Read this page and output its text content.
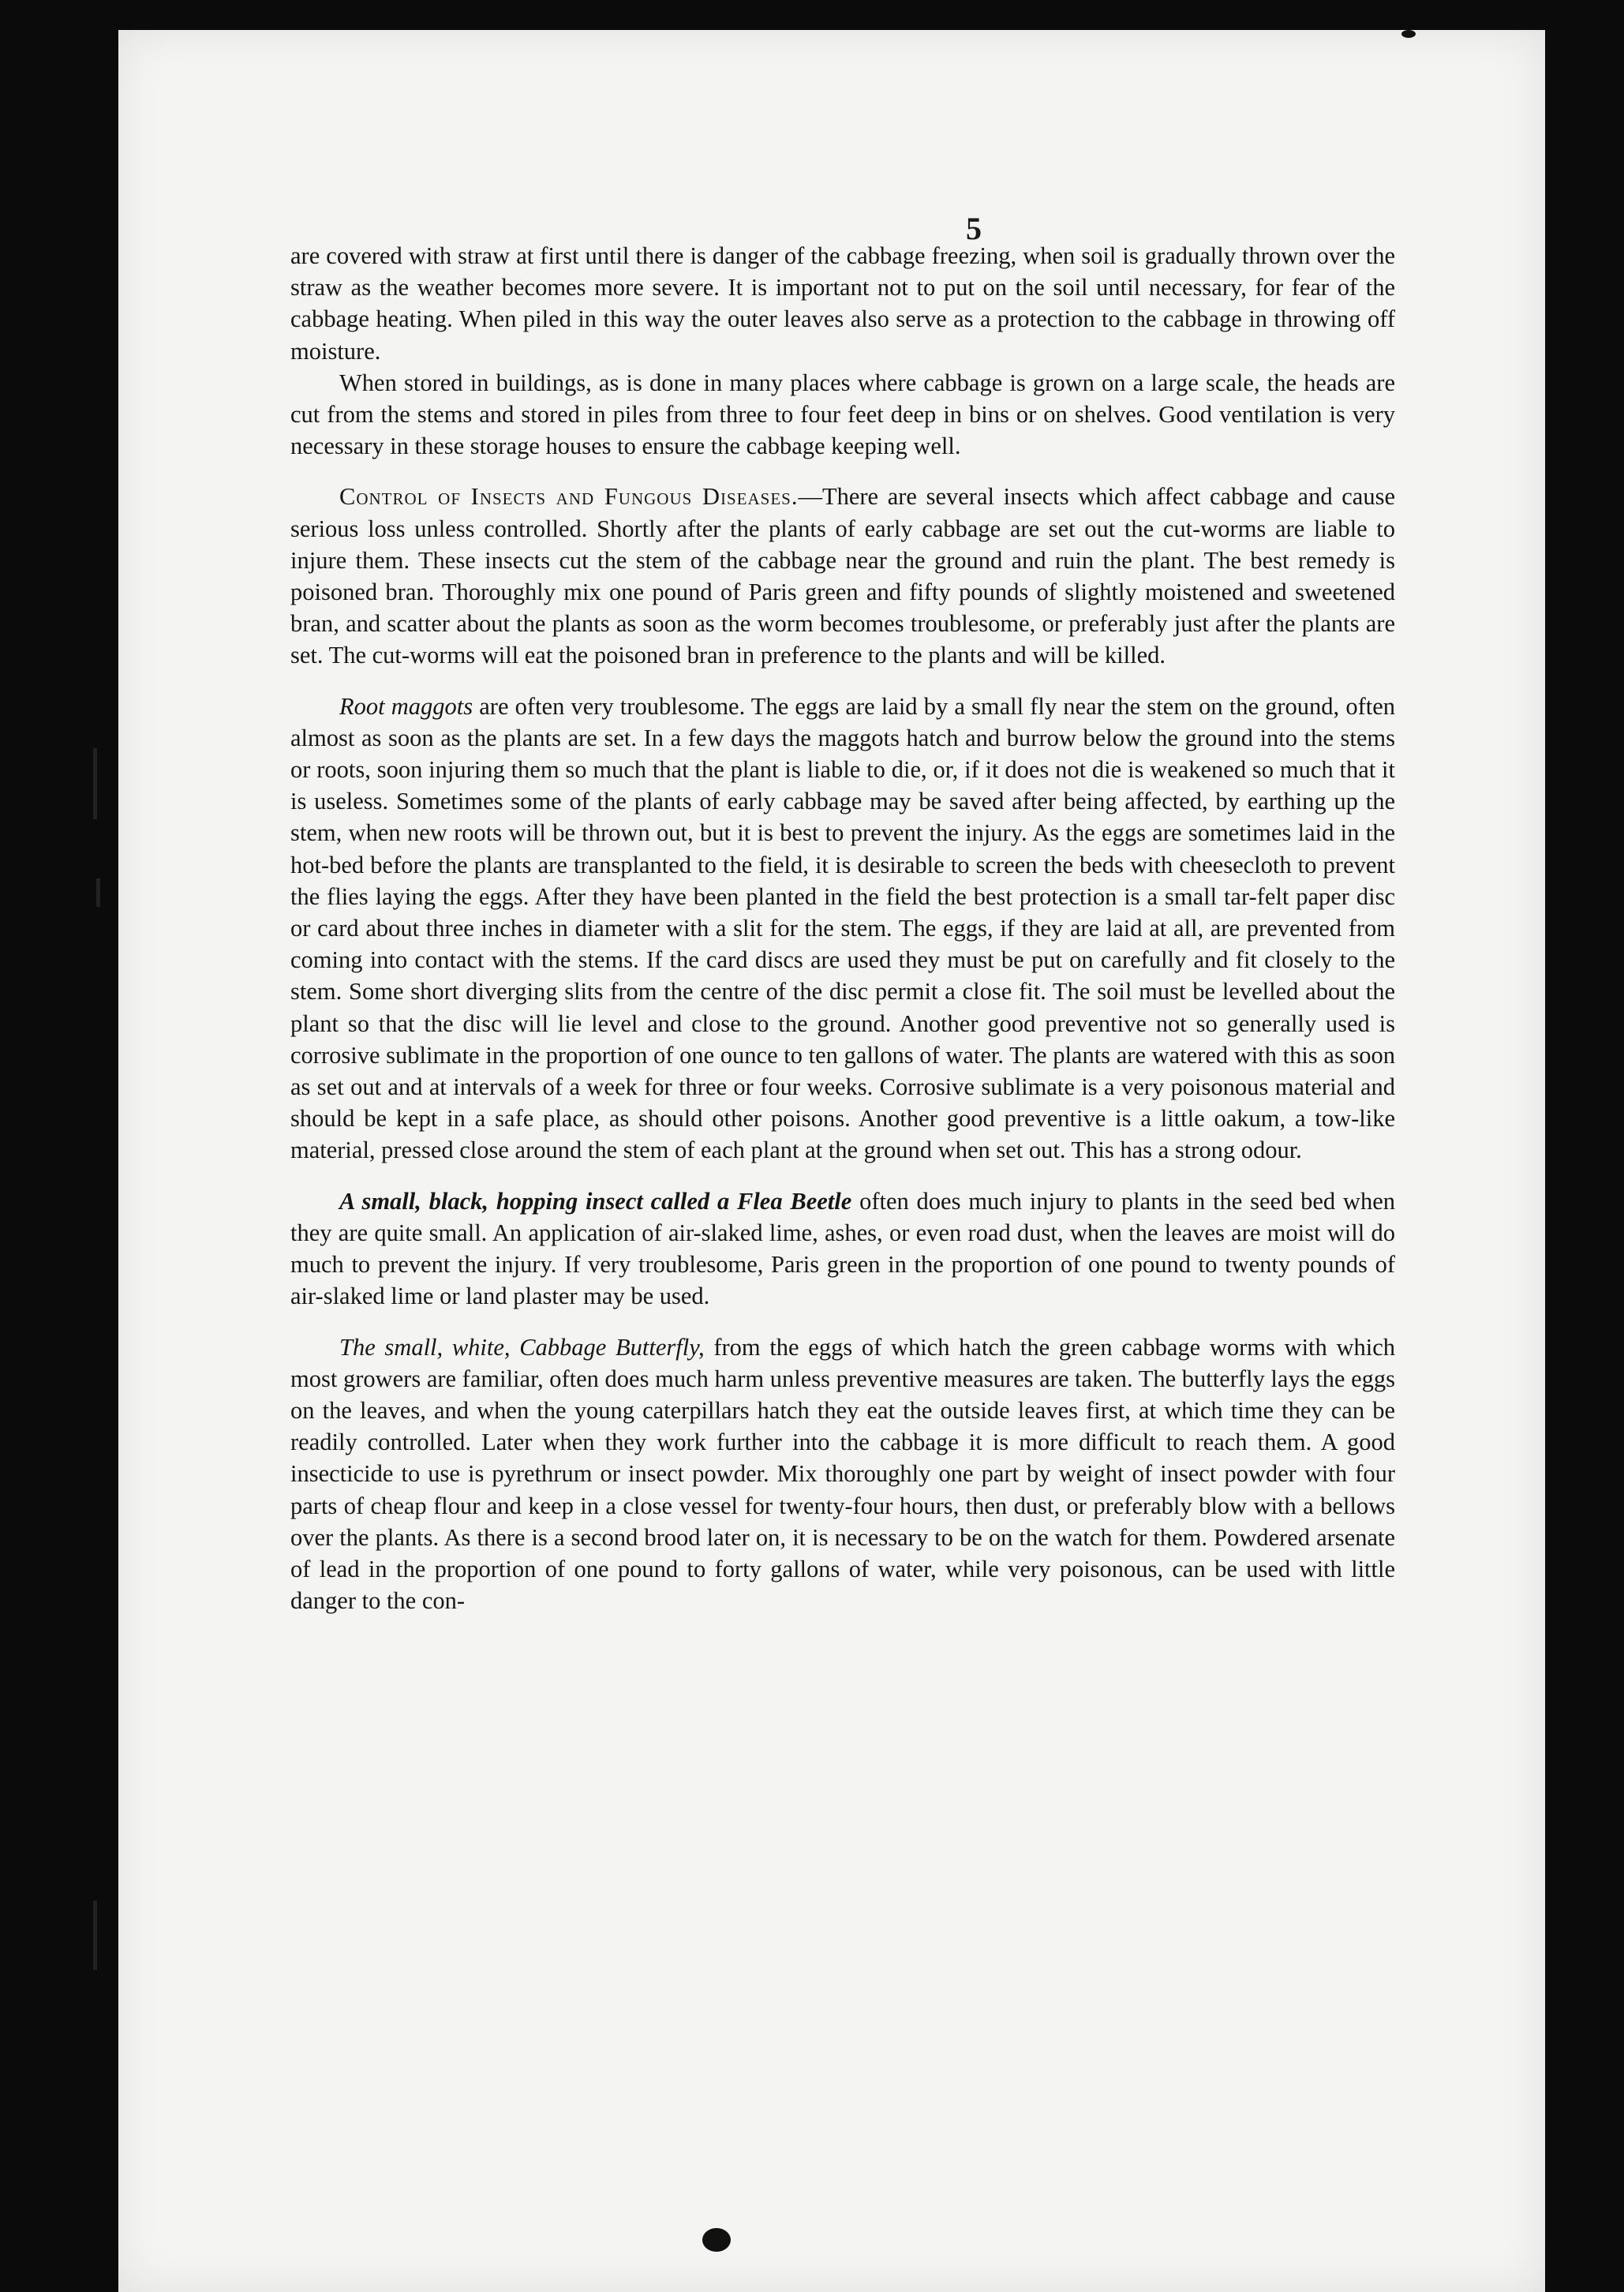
5

are covered with straw at first until there is danger of the cabbage freezing, when soil is gradually thrown over the straw as the weather becomes more severe. It is important not to put on the soil until necessary, for fear of the cabbage heating. When piled in this way the outer leaves also serve as a protection to the cabbage in throwing off moisture.

When stored in buildings, as is done in many places where cabbage is grown on a large scale, the heads are cut from the stems and stored in piles from three to four feet deep in bins or on shelves. Good ventilation is very necessary in these storage houses to ensure the cabbage keeping well.

Control of Insects and Fungous Diseases.—There are several insects which affect cabbage and cause serious loss unless controlled. Shortly after the plants of early cabbage are set out the cut-worms are liable to injure them. These insects cut the stem of the cabbage near the ground and ruin the plant. The best remedy is poisoned bran. Thoroughly mix one pound of Paris green and fifty pounds of slightly moistened and sweetened bran, and scatter about the plants as soon as the worm becomes troublesome, or preferably just after the plants are set. The cut-worms will eat the poisoned bran in preference to the plants and will be killed.

Root maggots are often very troublesome. The eggs are laid by a small fly near the stem on the ground, often almost as soon as the plants are set. In a few days the maggots hatch and burrow below the ground into the stems or roots, soon injuring them so much that the plant is liable to die, or, if it does not die is weakened so much that it is useless. Sometimes some of the plants of early cabbage may be saved after being affected, by earthing up the stem, when new roots will be thrown out, but it is best to prevent the injury. As the eggs are sometimes laid in the hot-bed before the plants are transplanted to the field, it is desirable to screen the beds with cheesecloth to prevent the flies laying the eggs. After they have been planted in the field the best protection is a small tar-felt paper disc or card about three inches in diameter with a slit for the stem. The eggs, if they are laid at all, are prevented from coming into contact with the stems. If the card discs are used they must be put on carefully and fit closely to the stem. Some short diverging slits from the centre of the disc permit a close fit. The soil must be levelled about the plant so that the disc will lie level and close to the ground. Another good preventive not so generally used is corrosive sublimate in the proportion of one ounce to ten gallons of water. The plants are watered with this as soon as set out and at intervals of a week for three or four weeks. Corrosive sublimate is a very poisonous material and should be kept in a safe place, as should other poisons. Another good preventive is a little oakum, a tow-like material, pressed close around the stem of each plant at the ground when set out. This has a strong odour.

A small, black, hopping insect called a Flea Beetle often does much injury to plants in the seed bed when they are quite small. An application of air-slaked lime, ashes, or even road dust, when the leaves are moist will do much to prevent the injury. If very troublesome, Paris green in the proportion of one pound to twenty pounds of air-slaked lime or land plaster may be used.

The small, white, Cabbage Butterfly, from the eggs of which hatch the green cabbage worms with which most growers are familiar, often does much harm unless preventive measures are taken. The butterfly lays the eggs on the leaves, and when the young caterpillars hatch they eat the outside leaves first, at which time they can be readily controlled. Later when they work further into the cabbage it is more difficult to reach them. A good insecticide to use is pyrethrum or insect powder. Mix thoroughly one part by weight of insect powder with four parts of cheap flour and keep in a close vessel for twenty-four hours, then dust, or preferably blow with a bellows over the plants. As there is a second brood later on, it is necessary to be on the watch for them. Powdered arsenate of lead in the proportion of one pound to forty gallons of water, while very poisonous, can be used with little danger to the con-
